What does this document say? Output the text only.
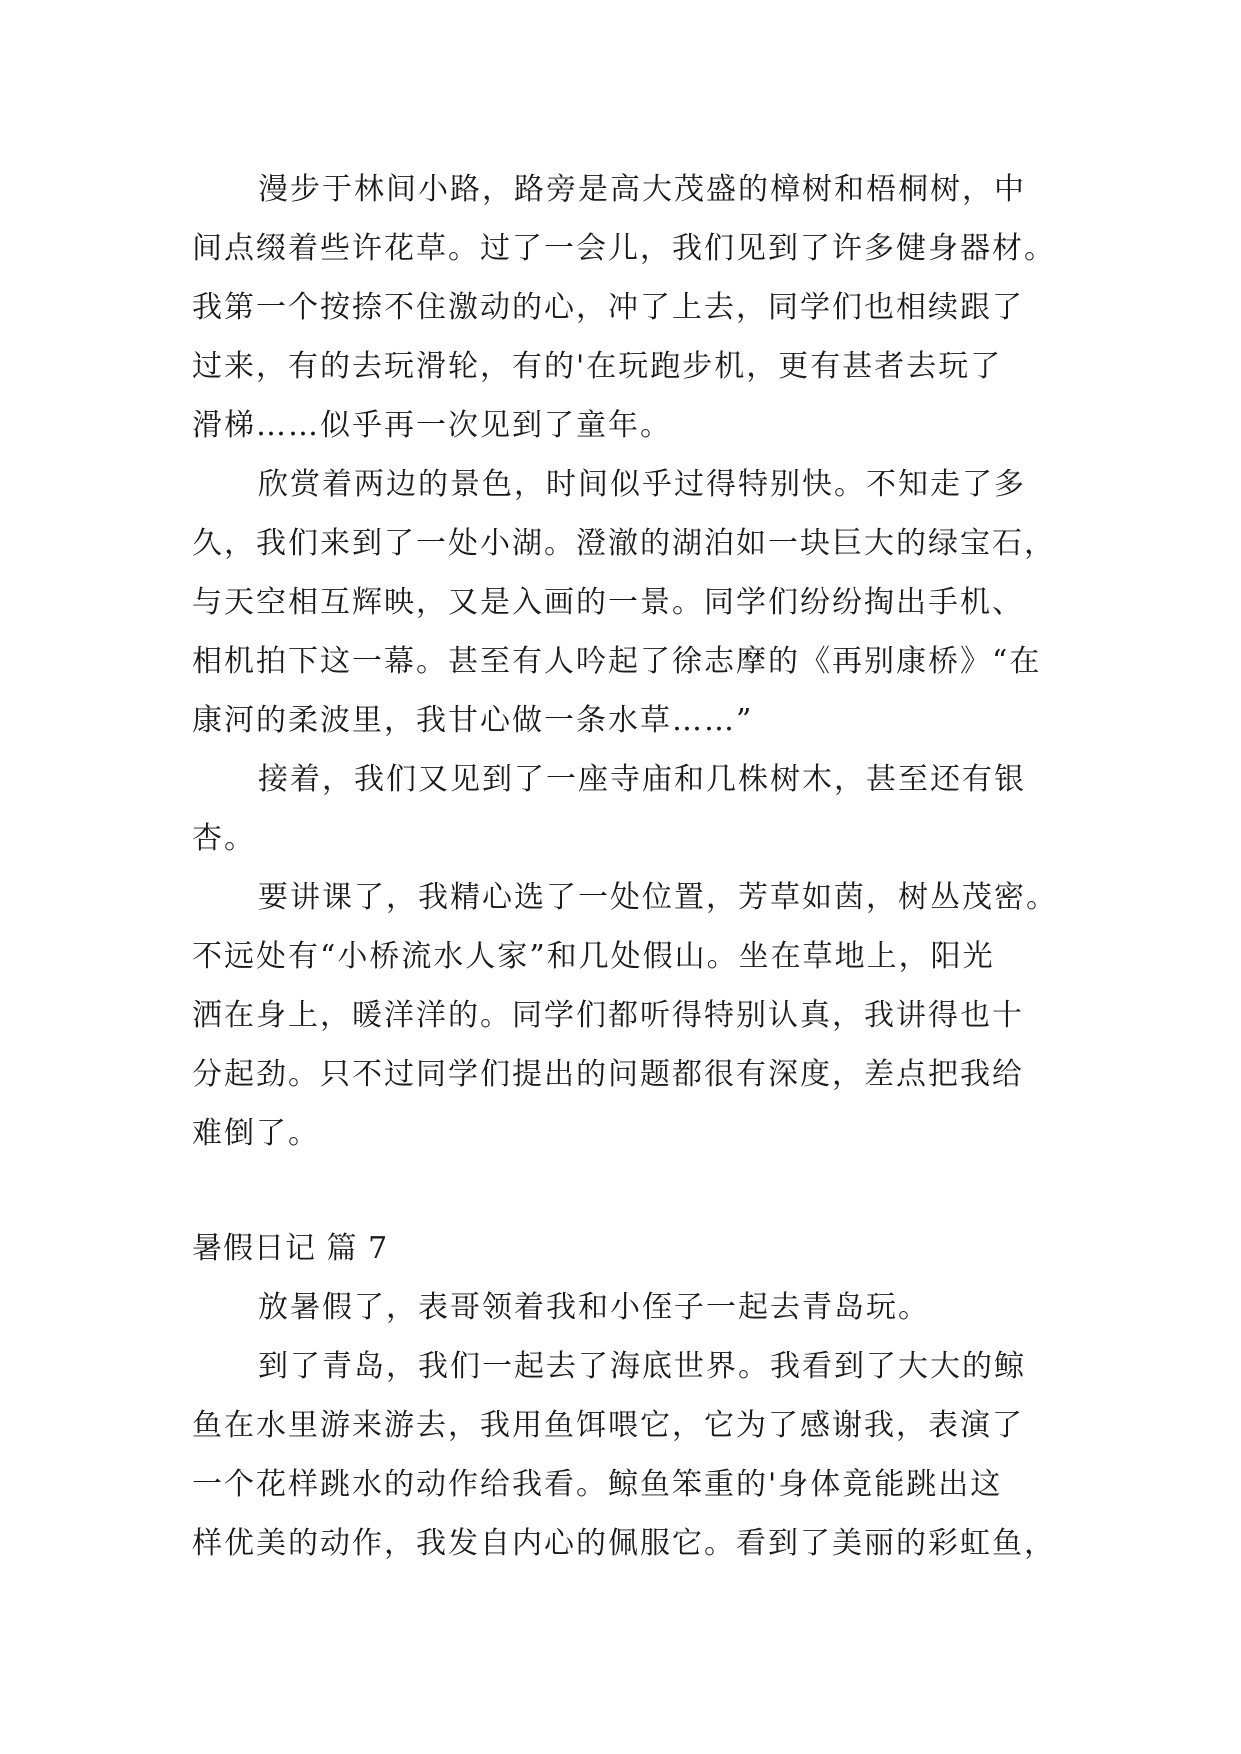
漫步于林间小路，路旁是高大茂盛的樟树和梧桐树，中
间点缀着些许花草。过了一会儿，我们见到了许多健身器材。
我第一个按捺不住激动的心，冲了上去，同学们也相续跟了
过来，有的去玩滑轮，有的'在玩跑步机，更有甚者去玩了
滑梯……似乎再一次见到了童年。
欣赏着两边的景色，时间似乎过得特别快。不知走了多
久，我们来到了一处小湖。澄澈的湖泊如一块巨大的绿宝石，
与天空相互辉映，又是入画的一景。同学们纷纷掏出手机、
相机拍下这一幕。甚至有人吟起了徐志摩的《再别康桥》“在
康河的柔波里，我甘心做一条水草……”
接着，我们又见到了一座寺庙和几株树木，甚至还有银
杏。
要讲课了，我精心选了一处位置，芳草如茵，树丛茂密。
不远处有“小桥流水人家”和几处假山。坐在草地上，阳光
洒在身上，暖洋洋的。同学们都听得特别认真，我讲得也十
分起劲。只不过同学们提出的问题都很有深度，差点把我给
难倒了。
暑假日记 篇 7
放暑假了，表哥领着我和小侄子一起去青岛玩。
到了青岛，我们一起去了海底世界。我看到了大大的鲸
鱼在水里游来游去，我用鱼饵喂它，它为了感谢我，表演了
一个花样跳水的动作给我看。鲸鱼笨重的'身体竟能跳出这
样优美的动作，我发自内心的佩服它。看到了美丽的彩虹鱼，
